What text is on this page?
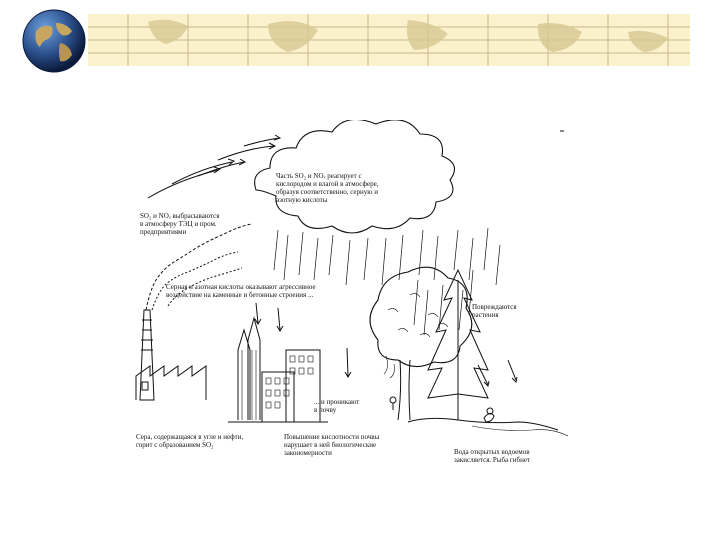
Часть SO₂ и NOₓ реагирует с
кислородом и влагой в атмосфере,
образуя соответственно, серную и
азотную кислоты
SO₂ и NOₓ выбрасываются
в атмосферу ТЭЦ и пром.
предприятиями
Серная и азотная кислоты оказывают агрессивное
воздействие на каменные и бетонные строения ...
Повреждаются
растения
... и проникают
в почву
Сера, содержащаяся в угле и нефти,
горит с образованием SO₂
Повышение кислотности почвы
нарушает в ней биологические
закономерности	Вода открытых водоемов
закисляется. Рыба гибнет
